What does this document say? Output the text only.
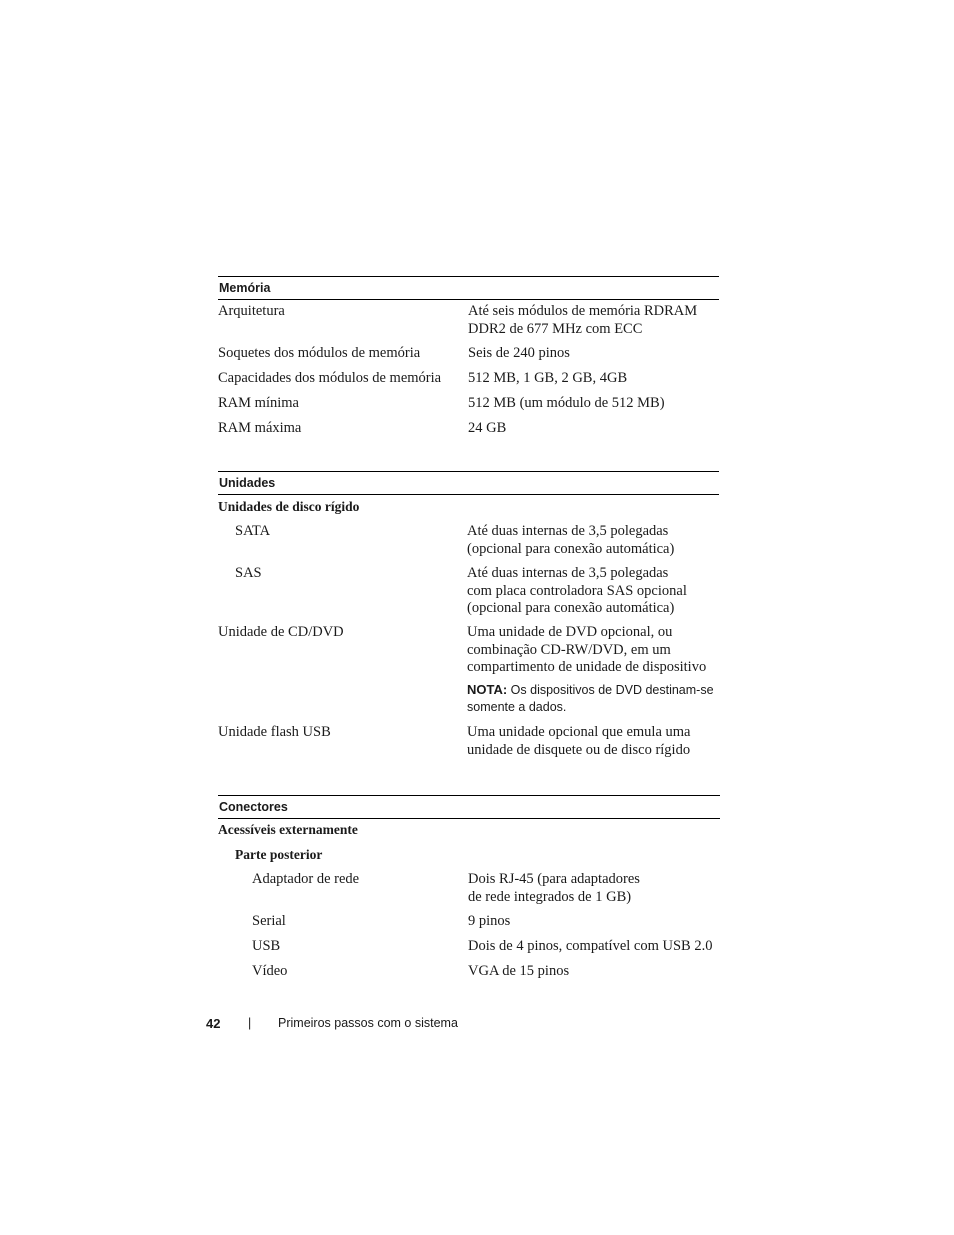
Memória
Arquitetura	Até seis módulos de memória RDRAM
DDR2 de 677 MHz com ECC
Soquetes dos módulos de memória	Seis de 240 pinos
Capacidades dos módulos de memória 512 MB, 1 GB, 2 GB, 4GB
RAM mínima	512 MB (um módulo de 512 MB)
RAM máxima	24 GB
Unidades
Unidades de disco rígido
SATA	Até duas internas de 3,5 polegadas
(opcional para conexão automática)
SAS	Até duas internas de 3,5 polegadas
com placa controladora SAS opcional
(opcional para conexão automática)
Unidade de CD/DVD	Uma unidade de DVD opcional, ou
combinação CD-RW/DVD, em um
compartimento de unidade de dispositivo
NOTA: Os dispositivos de DVD destinam-se
somente a dados.
Unidade flash USB	Uma unidade opcional que emula uma
unidade de disquete ou de disco rígido
Conectores
Acessíveis externamente
Parte posterior
Adaptador de rede	Dois RJ-45 (para adaptadores
de rede integrados de 1 GB)
Serial	9 pinos
USB	Dois de 4 pinos, compatível com USB 2.0
Vídeo	VGA de 15 pinos
42 | Primeiros passos com o sistema
